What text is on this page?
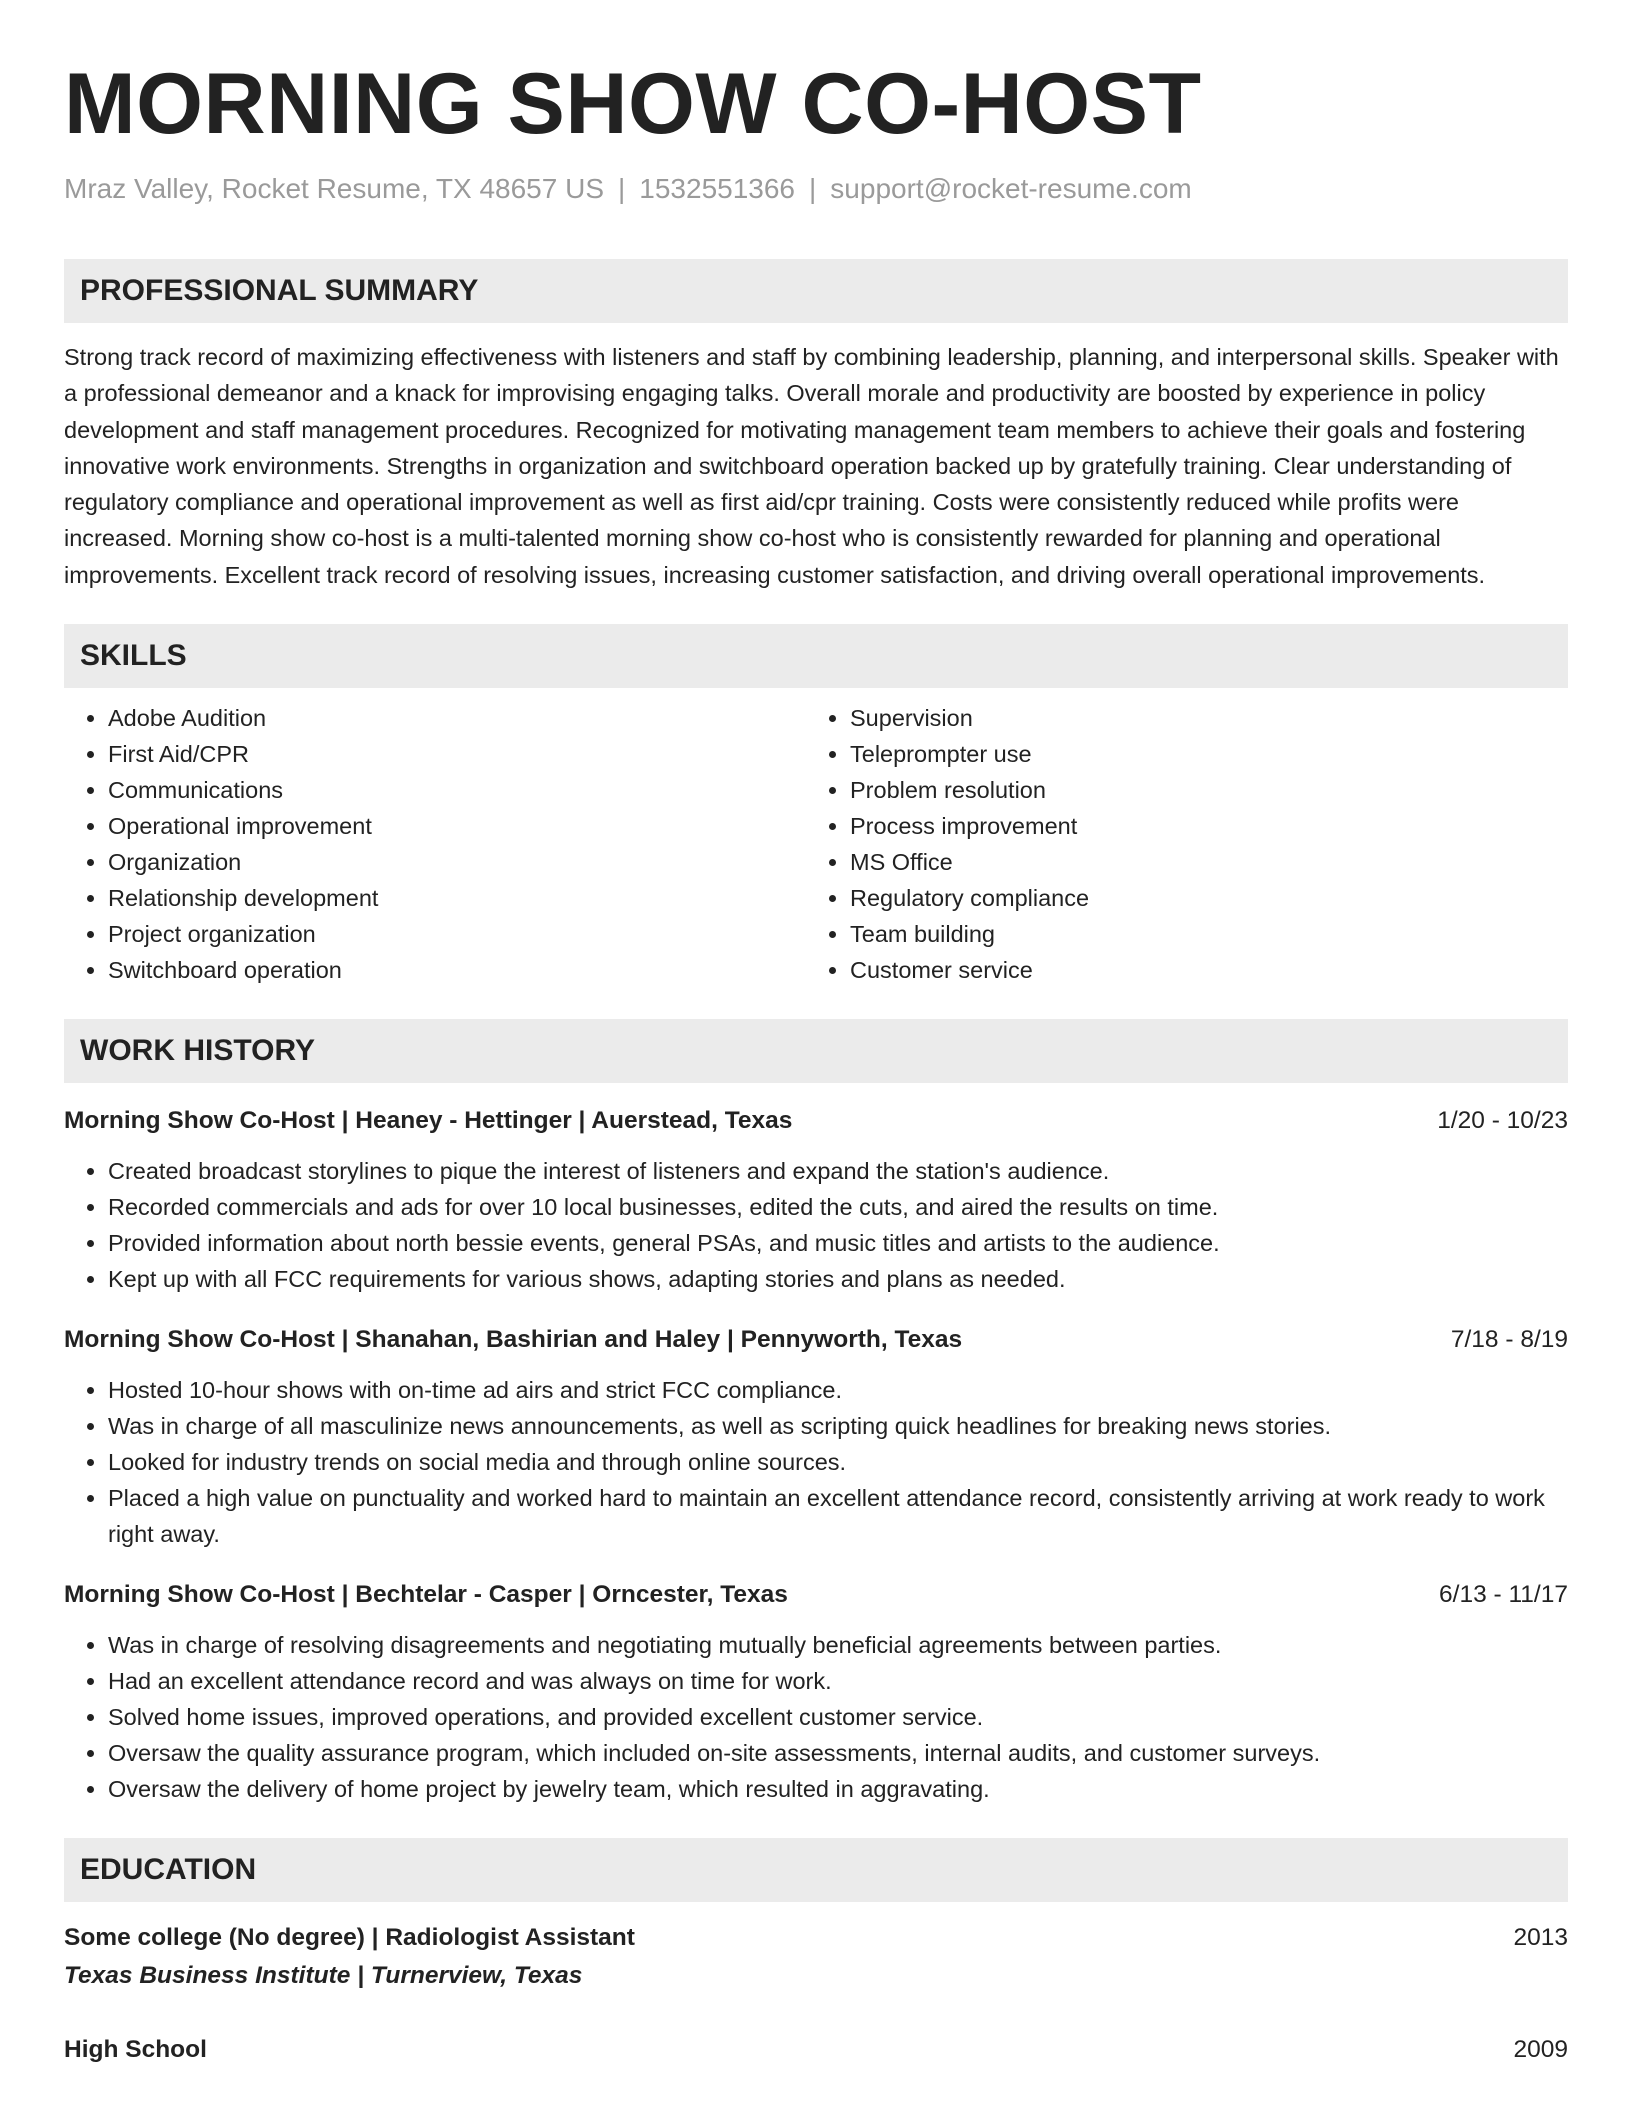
MORNING SHOW CO-HOST
Mraz Valley, Rocket Resume, TX 48657 US | 1532551366 | support@rocket-resume.com
PROFESSIONAL SUMMARY
Strong track record of maximizing effectiveness with listeners and staff by combining leadership, planning, and interpersonal skills. Speaker with a professional demeanor and a knack for improvising engaging talks. Overall morale and productivity are boosted by experience in policy development and staff management procedures. Recognized for motivating management team members to achieve their goals and fostering innovative work environments. Strengths in organization and switchboard operation backed up by gratefully training. Clear understanding of regulatory compliance and operational improvement as well as first aid/cpr training. Costs were consistently reduced while profits were increased. Morning show co-host is a multi-talented morning show co-host who is consistently rewarded for planning and operational improvements. Excellent track record of resolving issues, increasing customer satisfaction, and driving overall operational improvements.
SKILLS
• Adobe Audition
• First Aid/CPR
• Communications
• Operational improvement
• Organization
• Relationship development
• Project organization
• Switchboard operation
• Supervision
• Teleprompter use
• Problem resolution
• Process improvement
• MS Office
• Regulatory compliance
• Team building
• Customer service
WORK HISTORY
Morning Show Co-Host | Heaney - Hettinger | Auerstead, Texas	1/20 - 10/23
• Created broadcast storylines to pique the interest of listeners and expand the station's audience.
• Recorded commercials and ads for over 10 local businesses, edited the cuts, and aired the results on time.
• Provided information about north bessie events, general PSAs, and music titles and artists to the audience.
• Kept up with all FCC requirements for various shows, adapting stories and plans as needed.
Morning Show Co-Host | Shanahan, Bashirian and Haley | Pennyworth, Texas	7/18 - 8/19
• Hosted 10-hour shows with on-time ad airs and strict FCC compliance.
• Was in charge of all masculinize news announcements, as well as scripting quick headlines for breaking news stories.
• Looked for industry trends on social media and through online sources.
• Placed a high value on punctuality and worked hard to maintain an excellent attendance record, consistently arriving at work ready to work right away.
Morning Show Co-Host | Bechtelar - Casper | Orncester, Texas	6/13 - 11/17
• Was in charge of resolving disagreements and negotiating mutually beneficial agreements between parties.
• Had an excellent attendance record and was always on time for work.
• Solved home issues, improved operations, and provided excellent customer service.
• Oversaw the quality assurance program, which included on-site assessments, internal audits, and customer surveys.
• Oversaw the delivery of home project by jewelry team, which resulted in aggravating.
EDUCATION
Some college (No degree) | Radiologist Assistant	2013
Texas Business Institute | Turnerview, Texas
High School	2009
